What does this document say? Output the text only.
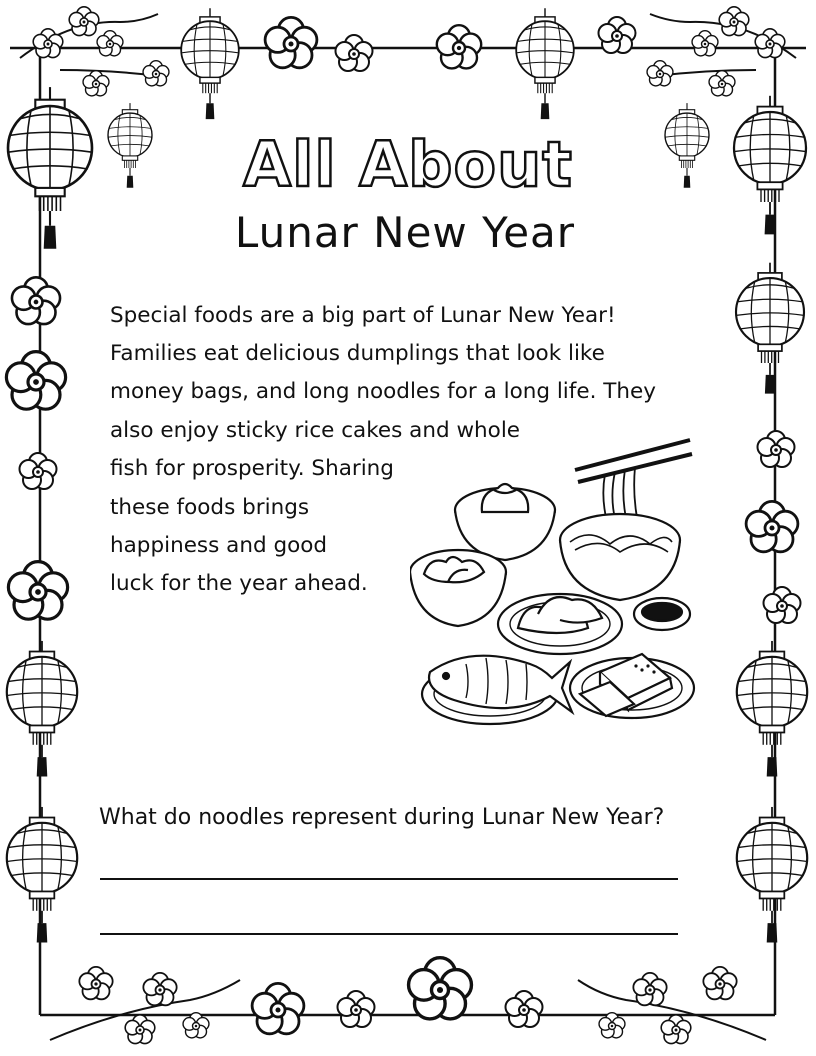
All About
Lunar New Year
Special foods are a big part of Lunar New Year!
Families eat delicious dumplings that look like
money bags, and long noodles for a long life. They
also enjoy sticky rice cakes and whole
fish for prosperity. Sharing
these foods brings
happiness and good
luck for the year ahead.
What do noodles represent during Lunar New Year?
